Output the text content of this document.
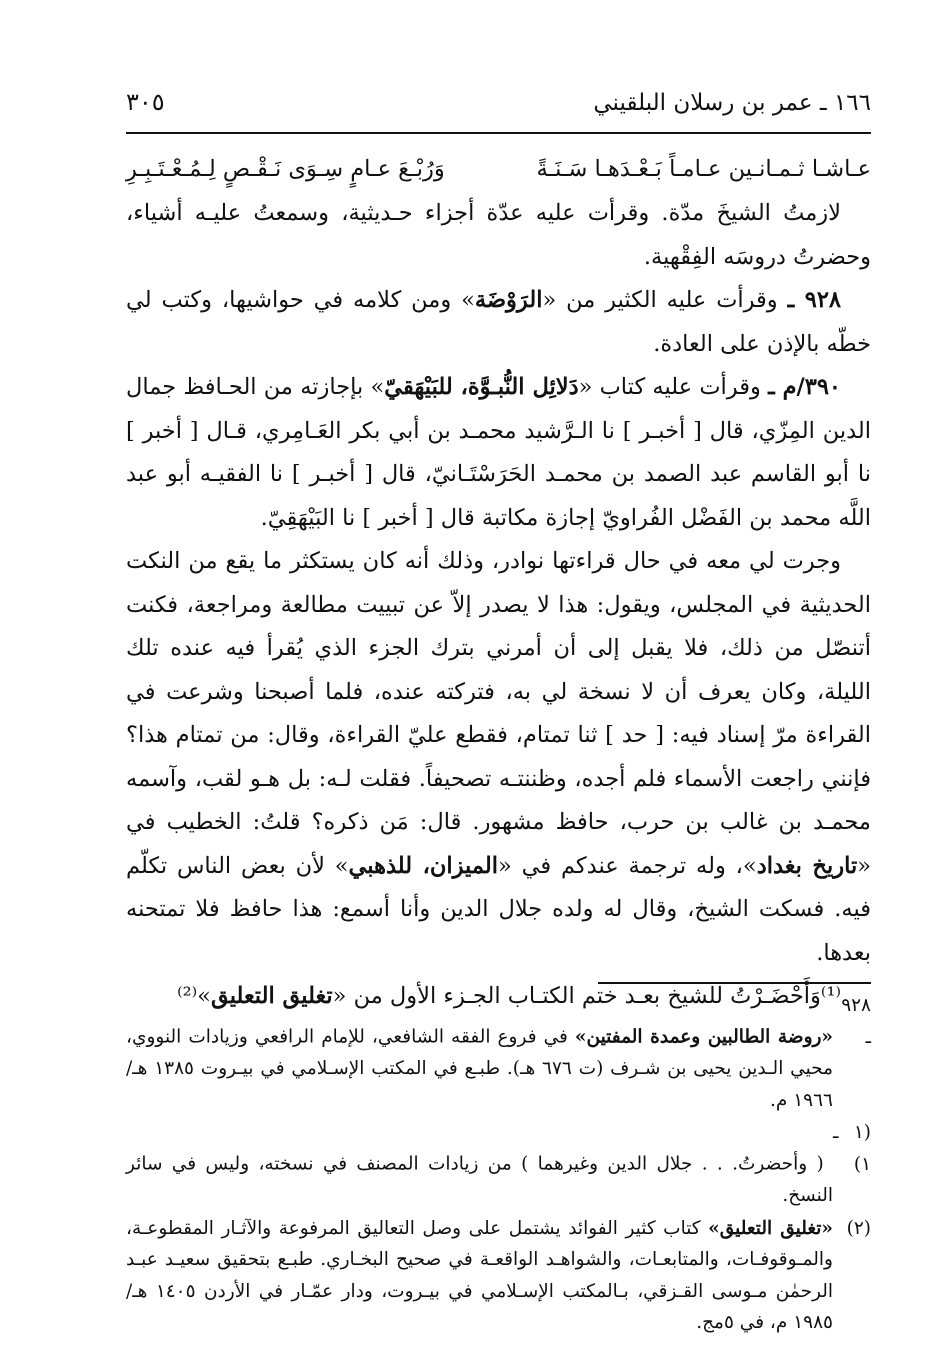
١٦٦ ـ عمر بن رسلان البلقيني
٣٠٥
عـاشـا ثـمـانـين عـامـاً بَـعْـدَهـا سَـنَـةً
وَرُبْـعَ عـامٍ سِـوَى نَـقْـصٍ لِـمُـعْـتَـبِـرِ

لازمتُ الشيخَ مدّة. وقرأت عليه عدّة أجزاء حـديثية، وسمعتُ عليـه أشياء، وحضرتُ دروسَه الفِقْهية.

٩٢٨ ـ وقرأت عليه الكثير من «الرَوْضَة» ومن كلامه في حواشيها، وكتب لي خطّه بالإذن على العادة.

٣٩٠/م ـ وقرأت عليه كتاب «دَلائِل النُّبـوَّة، للبَيْهَقيّ» بإجازته من الحـافظ جمال الدين المِزّي، قال [ أخبـر ] نا الـرَّشيد محمـد بن أبي بكر العَـامِري، قـال [ أخبر ] نا أبو القاسم عبد الصمد بن محمـد الحَرَسْتَـانيّ، قال [ أخبـر ] نا الفقيـه أبو عبد اللَّه محمد بن الفَضْل الفُراويّ إجازة مكاتبة قال [ أخبر ] نا البَيْهَقِيّ.

وجرت لي معه في حال قراءتها نوادر، وذلك أنه كان يستكثر ما يقع من النكت الحديثية في المجلس، ويقول: هذا لا يصدر إلاّ عن تبييت مطالعة ومراجعة، فكنت أتنصّل من ذلك، فلا يقبل إلى أن أمرني بترك الجزء الذي يُقرأ فيه عنده تلك الليلة، وكان يعرف أن لا نسخة لي به، فتركته عنده، فلما أصبحنا وشرعت في القراءة مرّ إسناد فيه: [ حد ] ثنا تمتام، فقطع عليّ القراءة، وقال: من تمتام هذا؟ فإنني راجعت الأسماء فلم أجده، وظننتـه تصحيفاً. فقلت لـه: بل هـو لقب، وآسمه محمـد بن غالب بن حرب، حافظ مشهور. قال: مَن ذكره؟ قلتُ: الخطيب في «تاريخ بغداد»، وله ترجمة عندكم في «الميزان، للذهبي» لأن بعض الناس تكلّم فيه. فسكت الشيخ، وقال له ولده جلال الدين وأنا أسمع: هذا حافظ فلا تمتحنه بعدها.

⁽¹⁾وَأَحْضَـرْتُ للشيخ بعـد ختم الكتـاب الجـزء الأول من «تغليق التعليق»⁽²⁾	٩٢٨ ـ«روضة الطالبين وعمدة المفتين» في فروع الفقه الشافعي، للإمام الرافعي وزيادات النووي، محيي الـدين يحيى بن شـرف (ت ٦٧٦ هـ). طبـع في المكتب الإسـلامي في بيـروت ١٣٨٥ هـ/١٩٦٦ م.

(١ ـ ١) ( وأحضرتُ. . . جلال الدين وغيرهما ) من زيادات المصنف في نسخته، وليس في سائر النسخ.

(٢)«تغليق التعليق» كتاب كثير الفوائد يشتمل على وصل التعاليق المرفوعة والآثـار المقطوعـة، والمـوقوفـات، والمتابعـات، والشواهـد الواقعـة في صحيح البخـاري. طبـع بتحقيق سعيـد عبـد الرحمٰن مـوسى القـزقي، بـالمكتب الإسـلامي في بيـروت، ودار عمّـار في الأردن ١٤٠٥ هـ/١٩٨٥ م، في ٥مج.
